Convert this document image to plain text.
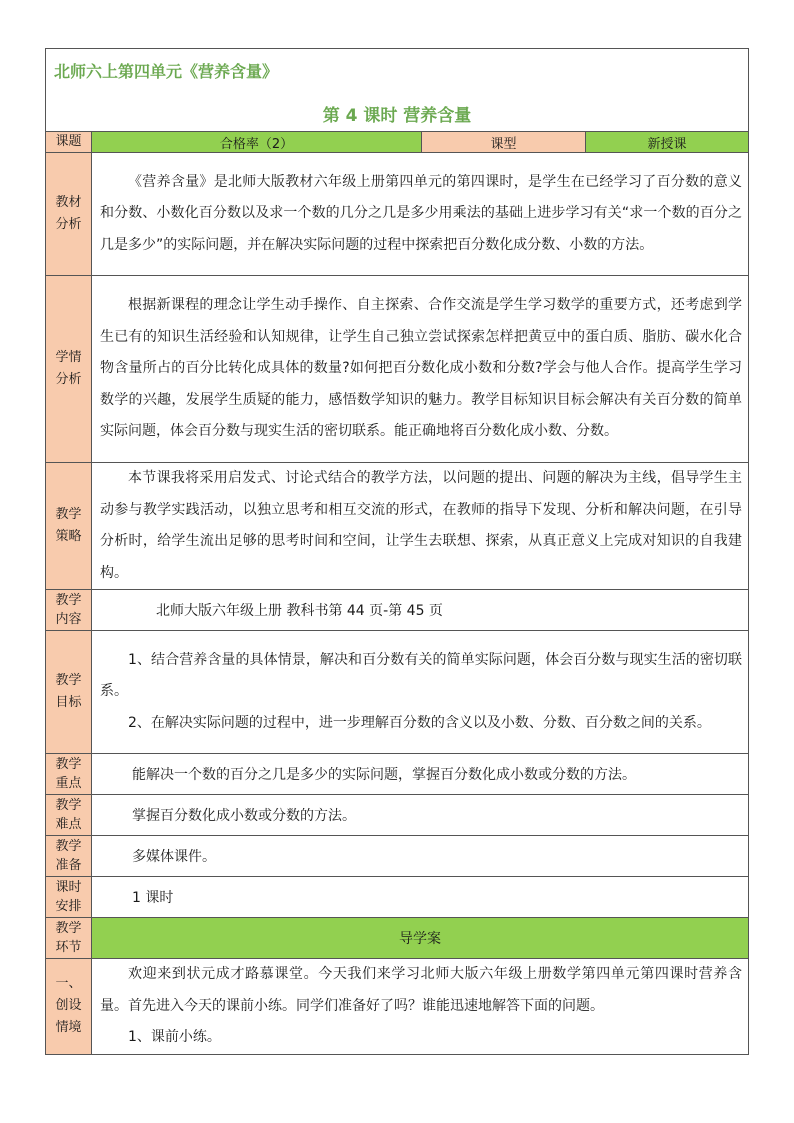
北师六上第四单元《营养含量》
第 4 课时 营养含量			

课题	合格率（2）	课型	新授课
教材分析	《营养含量》是北师大版教材六年级上册第四单元的第四课时，是学生在已经学习了百分数的意义和分数、小数化百分数以及求一个数的几分之几是多少用乘法的基础上进步学习有关“求一个数的百分之几是多少”的实际问题，并在解决实际问题的过程中探索把百分数化成分数、小数的方法。		

学情分析	根据新课程的理念让学生动手操作、自主探索、合作交流是学生学习数学的重要方式，还考虑到学生已有的知识生活经验和认知规律，让学生自己独立尝试探索怎样把黄豆中的蛋白质、脂肪、碳水化合物含量所占的百分比转化成具体的数量?如何把百分数化成小数和分数?学会与他人合作。提高学生学习数学的兴趣，发展学生质疑的能力，感悟数学知识的魅力。教学目标知识目标会解决有关百分数的简单实际问题，体会百分数与现实生活的密切联系。能正确地将百分数化成小数、分数。		

教学策略	本节课我将采用启发式、讨论式结合的教学方法，以问题的提出、问题的解决为主线，倡导学生主动参与教学实践活动，以独立思考和相互交流的形式，在教师的指导下发现、分析和解决问题，在引导分析时，给学生流出足够的思考时间和空间，让学生去联想、探索，从真正意义上完成对知识的自我建构。		

教学内容	北师大版六年级上册 教科书第 44 页-第 45 页		
教学目标	1、结合营养含量的具体情景，解决和百分数有关的简单实际问题，体会百分数与现实生活的密切联系。

2、在解决实际问题的过程中，进一步理解百分数的含义以及小数、分数、百分数之间的关系。		

教学重点	能解决一个数的百分之几是多少的实际问题，掌握百分数化成小数或分数的方法。		
教学难点	掌握百分数化成小数或分数的方法。		
教学准备	多媒体课件。		
课时安排	1 课时		
教学环节	导学案		
一、创设情境	欢迎来到状元成才路慕课堂。今天我们来学习北师大版六年级上册数学第四单元第四课时营养含量。首先进入今天的课前小练。同学们准备好了吗？谁能迅速地解答下面的问题。

1、课前小练。		
